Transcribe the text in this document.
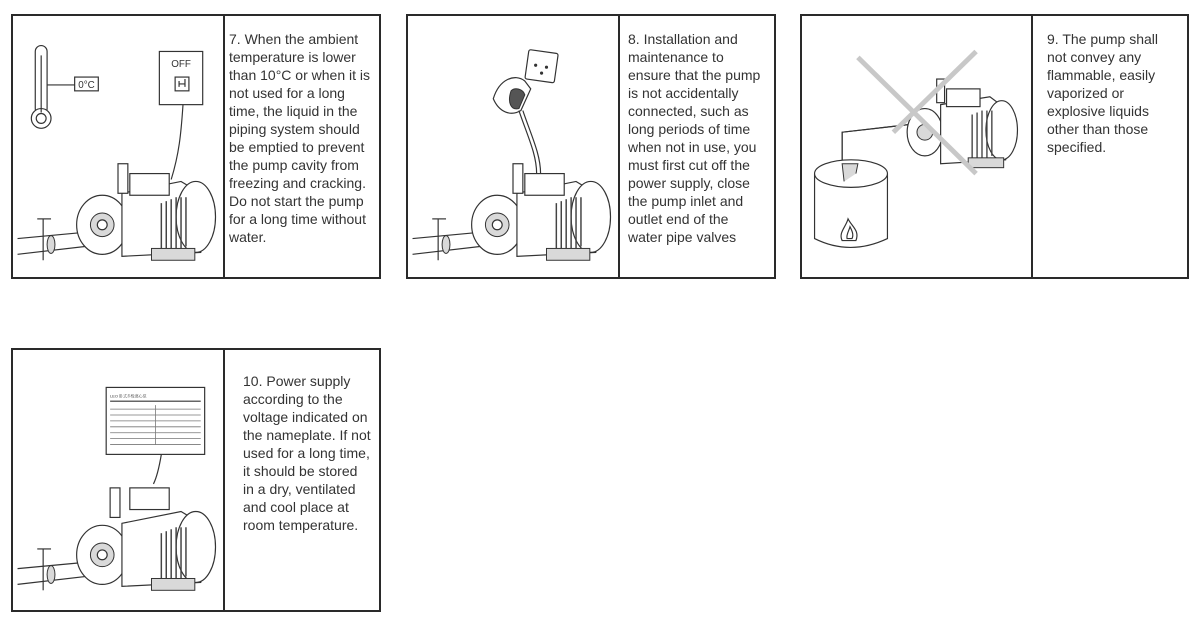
0°C
OFF
7. When the ambient temperature is lower than 10°C or when it is not used for a long time, the liquid in the piping system should be emptied to prevent the pump cavity from freezing and cracking. Do not start the pump for a long time without water.
8. Installation and maintenance to ensure that the pump is not accidentally connected, such as long periods of time when not in use, you must first cut off the power supply, close the pump inlet and outlet end of the water pipe valves
9. The pump shall not convey any flammable, easily vaporized or explosive liquids other than those specified.
LEO 卧式多级离心泵
10. Power supply according to the voltage indicated on the nameplate. If not used for a long time, it should be stored in a dry, ventilated and cool place at room temperature.
